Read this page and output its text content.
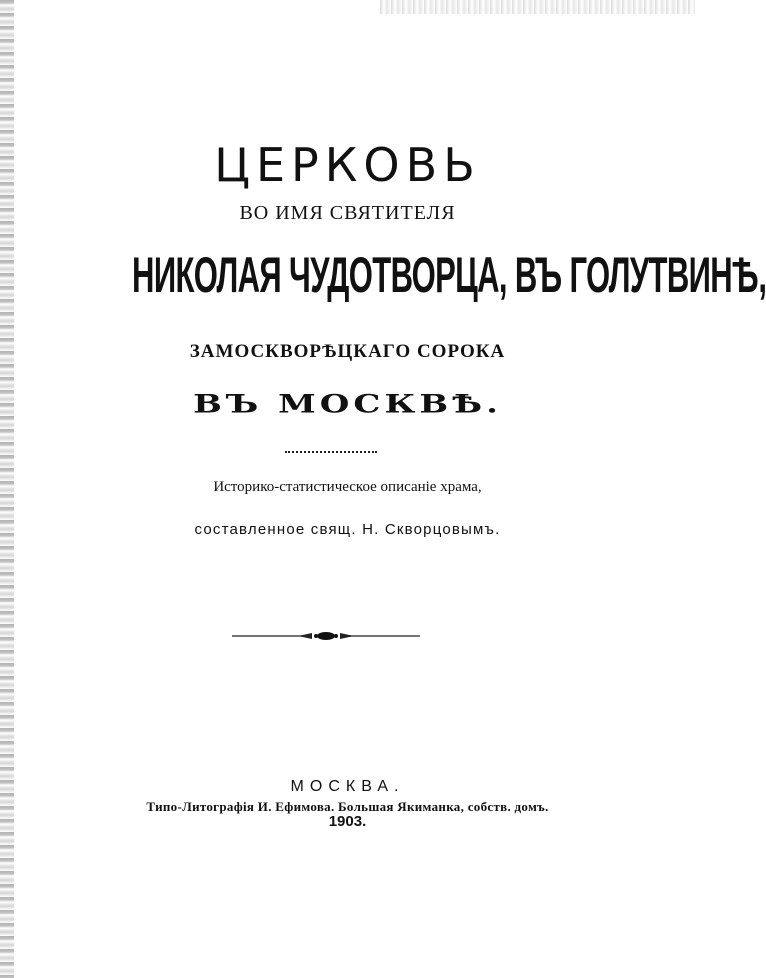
ЦЕРКОВЬ
ВО ИМЯ СВЯТИТЕЛЯ
НИКОЛАЯ ЧУДОТВОРЦА, ВЪ ГОЛУТВИНѢ,
ЗАМОСКВОРѢЦКАГО СОРОКА
ВЪ МОСКВѢ.
Историко-статистическое описаніе храма,
составленное свящ. Н. Скворцовымъ.
МОСКВА.
Типо-Литографія И. Ефимова. Большая Якиманка, собств. домъ.
1903.
